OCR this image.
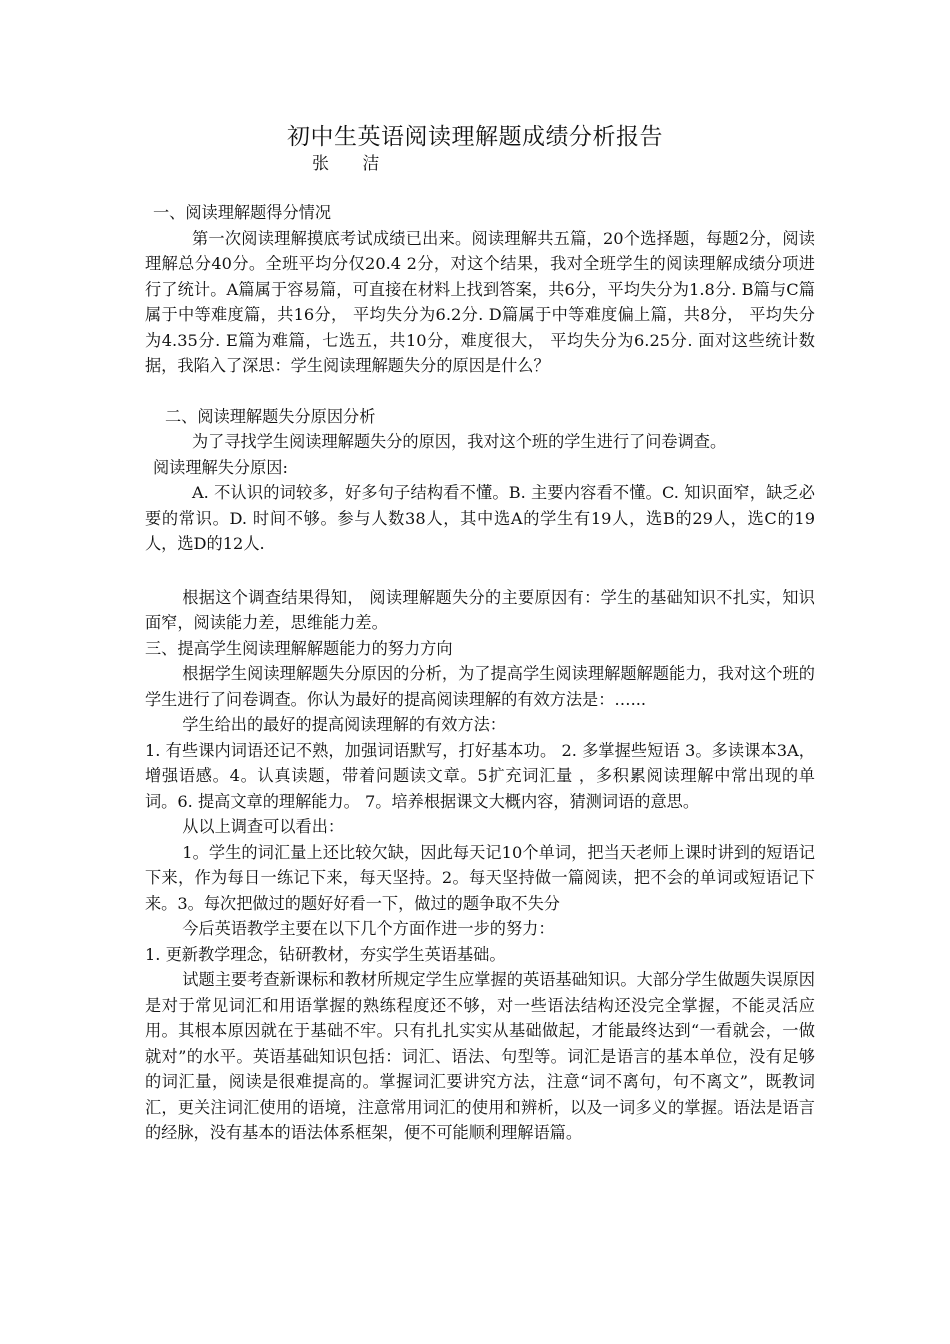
初中生英语阅读理解题成绩分析报告

张 洁

一、阅读理解题得分情况

第一次阅读理解摸底考试成绩已出来。阅读理解共五篇，20个选择题，每题2分，阅读理解总分40分。全班平均分仅20.4 2分，对这个结果，我对全班学生的阅读理解成绩分项进行了统计。A篇属于容易篇，可直接在材料上找到答案，共6分，平均失分为1.8分. B篇与C篇属于中等难度篇，共16分， 平均失分为6.2分. D篇属于中等难度偏上篇，共8分， 平均失分为4.35分. E篇为难篇，七选五，共10分，难度很大， 平均失分为6.25分. 面对这些统计数据，我陷入了深思：学生阅读理解题失分的原因是什么？

二、阅读理解题失分原因分析

为了寻找学生阅读理解题失分的原因，我对这个班的学生进行了问卷调查。

阅读理解失分原因:

A. 不认识的词较多，好多句子结构看不懂。B. 主要内容看不懂。C. 知识面窄，缺乏必要的常识。D. 时间不够。参与人数38人，其中选A的学生有19人，选B的29人，选C的19人，选D的12人.

根据这个调查结果得知， 阅读理解题失分的主要原因有：学生的基础知识不扎实，知识面窄，阅读能力差，思维能力差。

三、提高学生阅读理解解题能力的努力方向

根据学生阅读理解题失分原因的分析，为了提高学生阅读理解题解题能力，我对这个班的学生进行了问卷调查。你认为最好的提高阅读理解的有效方法是：…...

学生给出的最好的提高阅读理解的有效方法：

1. 有些课内词语还记不熟，加强词语默写，打好基本功。 2. 多掌握些短语 3。多读课本3A，增强语感。4。认真读题，带着问题读文章。5扩充词汇量 ，多积累阅读理解中常出现的单词。6. 提高文章的理解能力。 7。培养根据课文大概内容，猜测词语的意思。

从以上调查可以看出：

1。学生的词汇量上还比较欠缺，因此每天记10个单词，把当天老师上课时讲到的短语记下来，作为每日一练记下来，每天坚持。2。每天坚持做一篇阅读，把不会的单词或短语记下来。3。每次把做过的题好好看一下，做过的题争取不失分

今后英语教学主要在以下几个方面作进一步的努力：

1. 更新教学理念，钻研教材，夯实学生英语基础。

试题主要考查新课标和教材所规定学生应掌握的英语基础知识。大部分学生做题失误原因是对于常见词汇和用语掌握的熟练程度还不够，对一些语法结构还没完全掌握，不能灵活应用。其根本原因就在于基础不牢。只有扎扎实实从基础做起，才能最终达到“一看就会，一做就对”的水平。英语基础知识包括：词汇、语法、句型等。词汇是语言的基本单位，没有足够的词汇量，阅读是很难提高的。掌握词汇要讲究方法，注意“词不离句，句不离文”，既教词汇，更关注词汇使用的语境，注意常用词汇的使用和辨析，以及一词多义的掌握。语法是语言的经脉，没有基本的语法体系框架，便不可能顺利理解语篇。
